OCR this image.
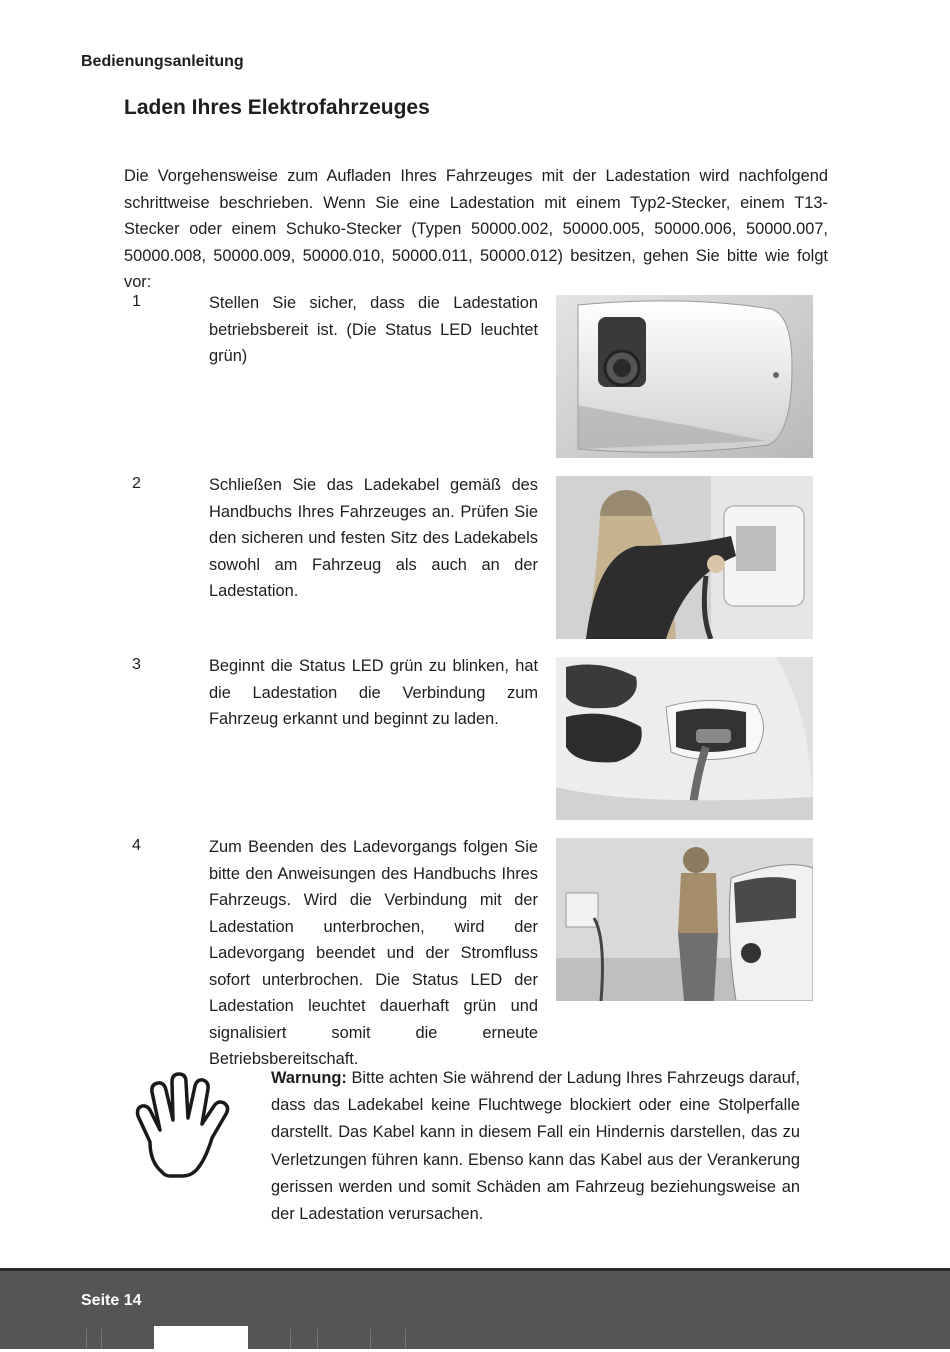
Bedienungsanleitung
Laden Ihres Elektrofahrzeuges

Die Vorgehensweise zum Aufladen Ihres Fahrzeuges mit der Ladestation wird nachfolgend schrittweise beschrieben. Wenn Sie eine Ladestation mit einem Typ2-Stecker, einem T13-Stecker oder einem Schuko-Stecker (Typen 50000.002, 50000.005, 50000.006, 50000.007, 50000.008, 50000.009, 50000.010, 50000.011, 50000.012) besitzen, gehen Sie bitte wie folgt vor:

1	Stellen Sie sicher, dass die Ladestation betriebsbereit ist. (Die Status LED leuchtet grün)

2	Schließen Sie das Ladekabel gemäß des Handbuchs Ihres Fahrzeuges an. Prüfen Sie den sicheren und festen Sitz des Ladekabels sowohl am Fahrzeug als auch an der Ladestation.

3	Beginnt die Status LED grün zu blinken, hat die Ladestation die Verbindung zum Fahrzeug erkannt und beginnt zu laden.

4	Zum Beenden des Ladevorgangs folgen Sie bitte den Anweisungen des Handbuchs Ihres Fahrzeugs. Wird die Verbindung mit der Ladestation unterbrochen, wird der Ladevorgang beendet und der Stromfluss sofort unterbrochen. Die Status LED der Ladestation leuchtet dauerhaft grün und signalisiert somit die erneute Betriebsbereitschaft.

Warnung: Bitte achten Sie während der Ladung Ihres Fahrzeugs darauf, dass das Ladekabel keine Fluchtwege blockiert oder eine Stolperfalle darstellt. Das Kabel kann in diesem Fall ein Hindernis darstellen, das zu Verletzungen führen kann. Ebenso kann das Kabel aus der Verankerung gerissen werden und somit Schäden am Fahrzeug beziehungsweise an der Ladestation verursachen.

Seite 14
